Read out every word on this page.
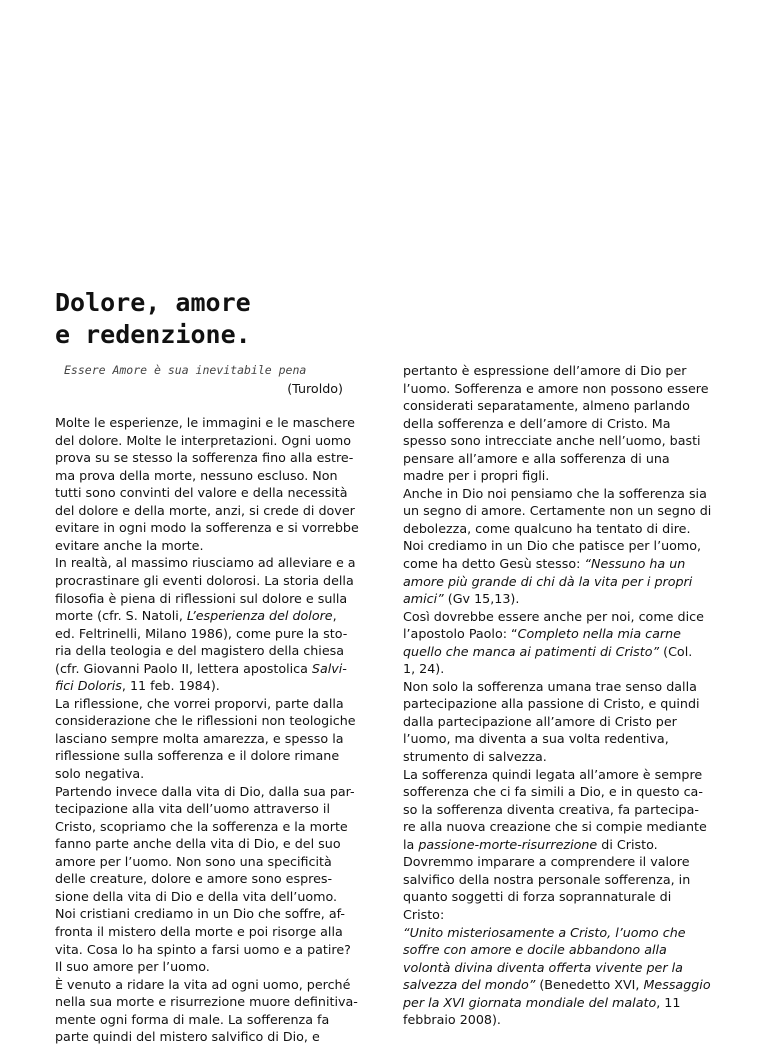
Dolore, amore
e redenzione.
Essere Amore è sua inevitabile pena
(Turoldo)
Molte le esperienze, le immagini e le maschere
del dolore. Molte le interpretazioni. Ogni uomo
prova su se stesso la sofferenza fino alla estre-
ma prova della morte, nessuno escluso. Non
tutti sono convinti del valore e della necessità
del dolore e della morte, anzi, si crede di dover
evitare in ogni modo la sofferenza e si vorrebbe
evitare anche la morte.
In realtà, al massimo riusciamo ad alleviare e a
procrastinare gli eventi dolorosi. La storia della
filosofia è piena di riflessioni sul dolore e sulla
morte (cfr. S. Natoli, L’esperienza del dolore,
ed. Feltrinelli, Milano 1986), come pure la sto-
ria della teologia e del magistero della chiesa
(cfr. Giovanni Paolo II, lettera apostolica Salvi-
fici Doloris, 11 feb. 1984).
La riflessione, che vorrei proporvi, parte dalla
considerazione che le riflessioni non teologiche
lasciano sempre molta amarezza, e spesso la
riflessione sulla sofferenza e il dolore rimane
solo negativa.
Partendo invece dalla vita di Dio, dalla sua par-
tecipazione alla vita dell’uomo attraverso il
Cristo, scopriamo che la sofferenza e la morte
fanno parte anche della vita di Dio, e del suo
amore per l’uomo. Non sono una specificità
delle creature, dolore e amore sono espres-
sione della vita di Dio e della vita dell’uomo.
Noi cristiani crediamo in un Dio che soffre, af-
fronta il mistero della morte e poi risorge alla
vita. Cosa lo ha spinto a farsi uomo e a patire?
Il suo amore per l’uomo.
È venuto a ridare la vita ad ogni uomo, perché
nella sua morte e risurrezione muore definitiva-
mente ogni forma di male. La sofferenza fa
parte quindi del mistero salvifico di Dio, e
pertanto è espressione dell’amore di Dio per
l’uomo. Sofferenza e amore non possono essere
considerati separatamente, almeno parlando
della sofferenza e dell’amore di Cristo. Ma
spesso sono intrecciate anche nell’uomo, basti
pensare all’amore e alla sofferenza di una
madre per i propri figli.
Anche in Dio noi pensiamo che la sofferenza sia
un segno di amore. Certamente non un segno di
debolezza, come qualcuno ha tentato di dire.
Noi crediamo in un Dio che patisce per l’uomo,
come ha detto Gesù stesso: “Nessuno ha un
amore più grande di chi dà la vita per i propri
amici” (Gv 15,13).
Così dovrebbe essere anche per noi, come dice
l’apostolo Paolo: “Completo nella mia carne
quello che manca ai patimenti di Cristo” (Col.
1, 24).
Non solo la sofferenza umana trae senso dalla
partecipazione alla passione di Cristo, e quindi
dalla partecipazione all’amore di Cristo per
l’uomo, ma diventa a sua volta redentiva,
strumento di salvezza.
La sofferenza quindi legata all’amore è sempre
sofferenza che ci fa simili a Dio, e in questo ca-
so la sofferenza diventa creativa, fa partecipa-
re alla nuova creazione che si compie mediante
la passione-morte-risurrezione di Cristo.
Dovremmo imparare a comprendere il valore
salvifico della nostra personale sofferenza, in
quanto soggetti di forza soprannaturale di
Cristo:
“Unito misteriosamente a Cristo, l’uomo che
soffre con amore e docile abbandono alla
volontà divina diventa offerta vivente per la
salvezza del mondo” (Benedetto XVI, Messaggio
per la XVI giornata mondiale del malato, 11
febbraio 2008).
